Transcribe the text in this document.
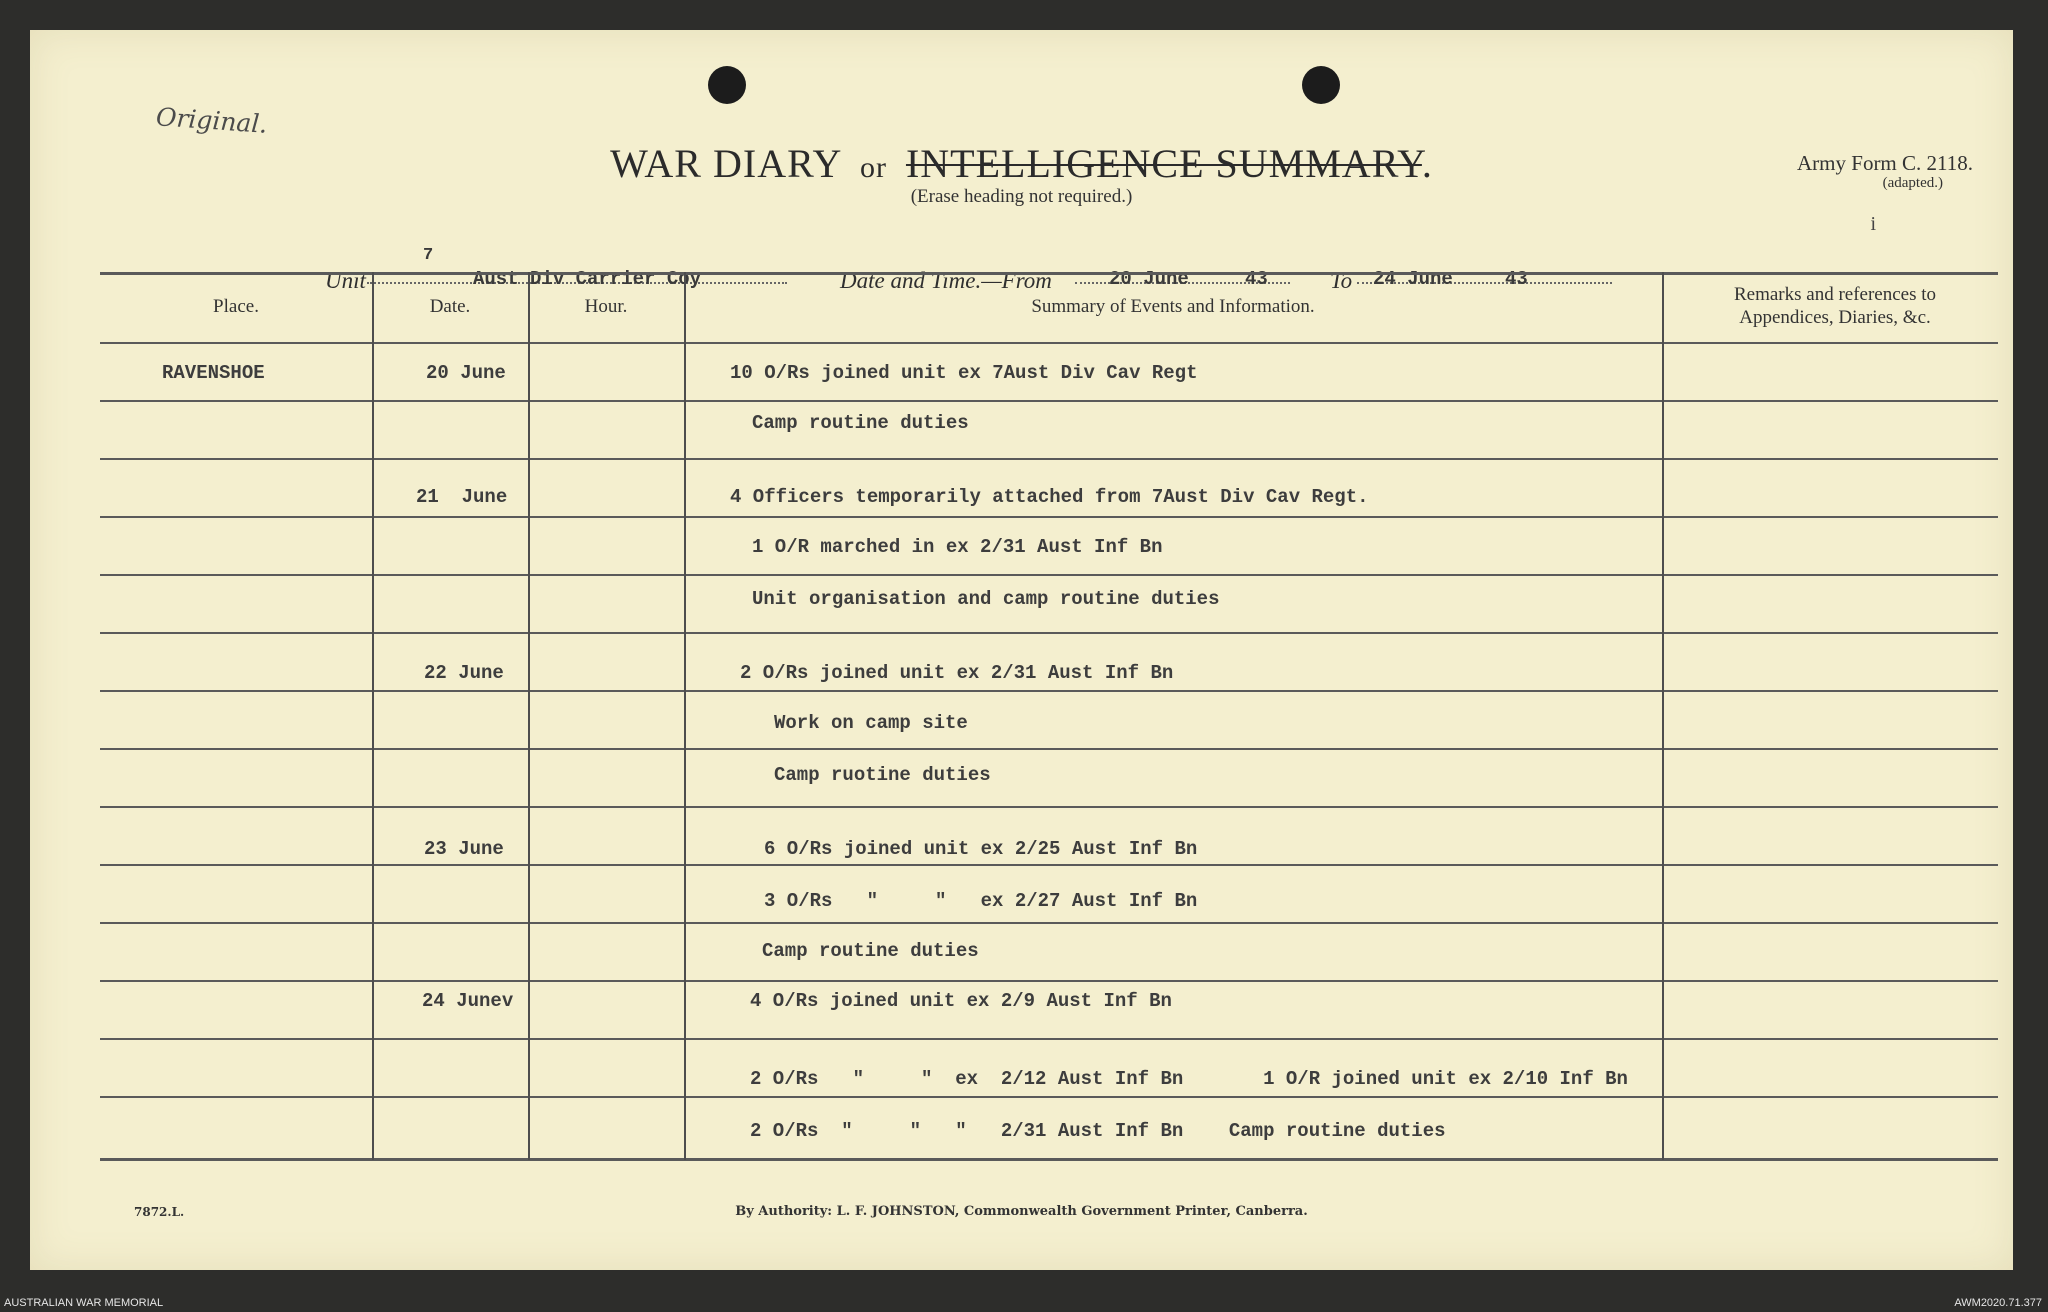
Original.
WAR DIARY or INTELLIGENCE SUMMARY.
(Erase heading not required.)
Army Form C. 2118.
(adapted.)
i
Unit
7
Aust Div Carrier Coy	Date and Time.—From	20 June	43	To 24 June	43
Place.	Date.	Hour.	Summary of Events and Information.
Remarks and references to Appendices, Diaries, &c.
RAVENSHOE	20 June	10 O/Rs joined unit ex 7Aust Div Cav Regt
Camp routine duties
21  June	4 Officers temporarily attached from 7Aust Div Cav Regt.
1 O/R marched in ex 2/31 Aust Inf Bn
Unit organisation and camp routine duties
22 June	2 O/Rs joined unit ex 2/31 Aust Inf Bn
Work on camp site
Camp ruotine duties
23 June	6 O/Rs joined unit ex 2/25 Aust Inf Bn
3 O/Rs   "     "   ex 2/27 Aust Inf Bn
Camp routine duties
24 Junev	4 O/Rs joined unit ex 2/9 Aust Inf Bn
2 O/Rs   "     "  ex  2/12 Aust Inf Bn       1 O/R joined unit ex 2/10 Inf Bn
2 O/Rs  "     "   "   2/31 Aust Inf Bn    Camp routine duties
7872.L.	By Authority: L. F. JOHNSTON, Commonwealth Government Printer, Canberra.
AUSTRALIAN WAR MEMORIAL	AWM2020.71.377
